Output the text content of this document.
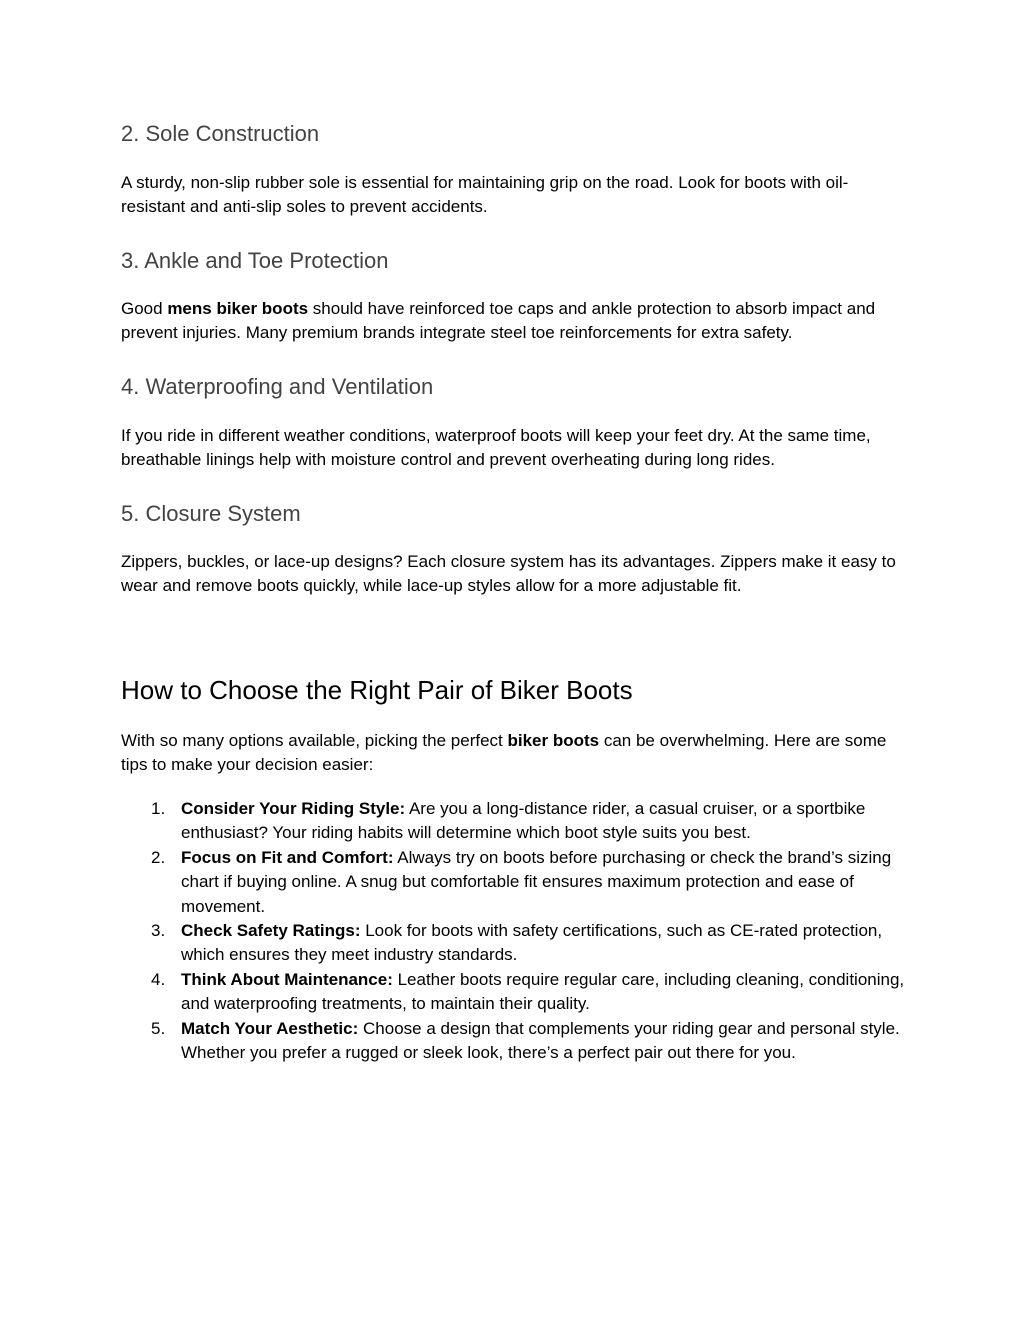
2. Sole Construction

A sturdy, non-slip rubber sole is essential for maintaining grip on the road. Look for boots with oil-resistant and anti-slip soles to prevent accidents.

3. Ankle and Toe Protection

Good mens biker boots should have reinforced toe caps and ankle protection to absorb impact and prevent injuries. Many premium brands integrate steel toe reinforcements for extra safety.

4. Waterproofing and Ventilation

If you ride in different weather conditions, waterproof boots will keep your feet dry. At the same time, breathable linings help with moisture control and prevent overheating during long rides.

5. Closure System

Zippers, buckles, or lace-up designs? Each closure system has its advantages. Zippers make it easy to wear and remove boots quickly, while lace-up styles allow for a more adjustable fit.

How to Choose the Right Pair of Biker Boots

With so many options available, picking the perfect biker boots can be overwhelming. Here are some tips to make your decision easier:

1. Consider Your Riding Style: Are you a long-distance rider, a casual cruiser, or a sportbike enthusiast? Your riding habits will determine which boot style suits you best.
2. Focus on Fit and Comfort: Always try on boots before purchasing or check the brand’s sizing chart if buying online. A snug but comfortable fit ensures maximum protection and ease of movement.
3. Check Safety Ratings: Look for boots with safety certifications, such as CE-rated protection, which ensures they meet industry standards.
4. Think About Maintenance: Leather boots require regular care, including cleaning, conditioning, and waterproofing treatments, to maintain their quality.
5. Match Your Aesthetic: Choose a design that complements your riding gear and personal style. Whether you prefer a rugged or sleek look, there’s a perfect pair out there for you.
